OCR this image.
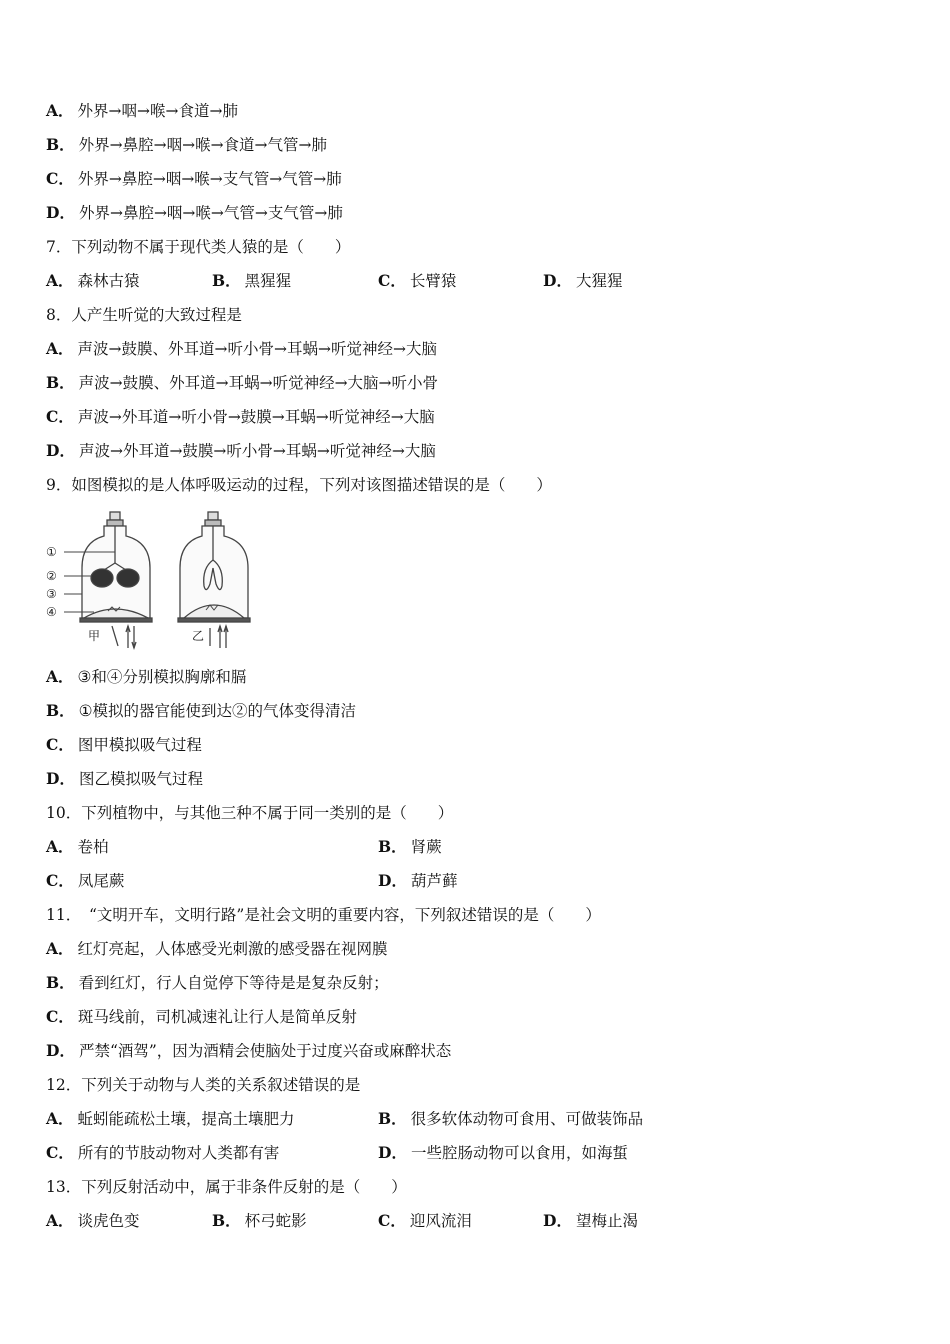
A． 外界→咽→喉→食道→肺
B． 外界→鼻腔→咽→喉→食道→气管→肺
C． 外界→鼻腔→咽→喉→支气管→气管→肺
D． 外界→鼻腔→咽→喉→气管→支气管→肺
7．下列动物不属于现代类人猿的是（　　）
A． 森林古猿	B． 黑猩猩	C． 长臂猿	D． 大猩猩
8．人产生听觉的大致过程是
A． 声波→鼓膜、外耳道→听小骨→耳蜗→听觉神经→大脑
B． 声波→鼓膜、外耳道→耳蜗→听觉神经→大脑→听小骨
C． 声波→外耳道→听小骨→鼓膜→耳蜗→听觉神经→大脑
D． 声波→外耳道→鼓膜→听小骨→耳蜗→听觉神经→大脑
9．如图模拟的是人体呼吸运动的过程，下列对该图描述错误的是（　　）
①
②
③
④
甲	乙
A． ③和④分别模拟胸廓和膈
B． ①模拟的器官能使到达②的气体变得清洁
C． 图甲模拟吸气过程
D． 图乙模拟吸气过程
10．下列植物中，与其他三种不属于同一类别的是（　　）
A． 卷柏	B． 肾蕨
C． 凤尾蕨	D． 葫芦藓
11．　“文明开车，文明行路”是社会文明的重要内容，下列叙述错误的是（　　）
A． 红灯亮起，人体感受光刺激的感受器在视网膜
B． 看到红灯，行人自觉停下等待是是复杂反射；
C． 斑马线前，司机减速礼让行人是简单反射
D． 严禁“酒驾”，因为酒精会使脑处于过度兴奋或麻醉状态
12．下列关于动物与人类的关系叙述错误的是
A． 蚯蚓能疏松土壤，提高土壤肥力	B． 很多软体动物可食用、可做装饰品
C． 所有的节肢动物对人类都有害	D． 一些腔肠动物可以食用，如海蜇
13．下列反射活动中，属于非条件反射的是（　　）
A． 谈虎色变	B． 杯弓蛇影	C． 迎风流泪	D． 望梅止渴
